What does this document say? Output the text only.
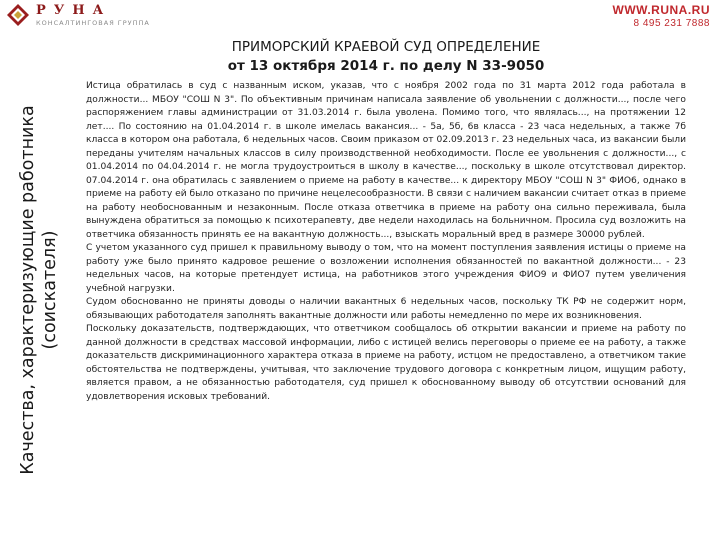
РУНА
КОНСАЛТИНГОВАЯ ГРУППА
WWW.RUNA.RU
8 495 231 7888
Качества, характеризующие работника (соискателя)
ПРИМОРСКИЙ КРАЕВОЙ СУД ОПРЕДЕЛЕНИЕ
от 13 октября 2014 г. по делу N 33-9050

Истица обратилась в суд с названным иском, указав, что с ноября 2002 года по 31 марта 2012 года работала в должности... МБОУ "СОШ N 3". По объективным причинам написала заявление об увольнении с должности..., после чего распоряжением главы администрации от 31.03.2014 г. была уволена. Помимо того, что являлась..., на протяжении 12 лет.... По состоянию на 01.04.2014 г. в школе имелась вакансия... - 5а, 5б, 6в класса - 23 часа недельных, а также 7б класса в котором она работала, 6 недельных часов. Своим приказом от 02.09.2013 г. 23 недельных часа, из вакансии были переданы учителям начальных классов в силу производственной необходимости. После ее увольнения с должности..., с 01.04.2014 по 04.04.2014 г. не могла трудоустроиться в школу в качестве..., поскольку в школе отсутствовал директор. 07.04.2014 г. она обратилась с заявлением о приеме на работу в качестве... к директору МБОУ "СОШ N 3" ФИО6, однако в приеме на работу ей было отказано по причине нецелесообразности. В связи с наличием вакансии считает отказ в приеме на работу необоснованным и незаконным. После отказа ответчика в приеме на работу она сильно переживала, была вынуждена обратиться за помощью к психотерапевту, две недели находилась на больничном. Просила суд возложить на ответчика обязанность принять ее на вакантную должность..., взыскать моральный вред в размере 30000 рублей.

С учетом указанного суд пришел к правильному выводу о том, что на момент поступления заявления истицы о приеме на работу уже было принято кадровое решение о возложении исполнения обязанностей по вакантной должности... - 23 недельных часов, на которые претендует истица, на работников этого учреждения ФИО9 и ФИО7 путем увеличения учебной нагрузки.

Судом обоснованно не приняты доводы о наличии вакантных 6 недельных часов, поскольку ТК РФ не содержит норм, обязывающих работодателя заполнять вакантные должности или работы немедленно по мере их возникновения.

Поскольку доказательств, подтверждающих, что ответчиком сообщалось об открытии вакансии и приеме на работу по данной должности в средствах массовой информации, либо с истицей велись переговоры о приеме ее на работу, а также доказательств дискриминационного характера отказа в приеме на работу, истцом не предоставлено, а ответчиком такие обстоятельства не подтверждены, учитывая, что заключение трудового договора с конкретным лицом, ищущим работу, является правом, а не обязанностью работодателя, суд пришел к обоснованному выводу об отсутствии оснований для удовлетворения исковых требований.
